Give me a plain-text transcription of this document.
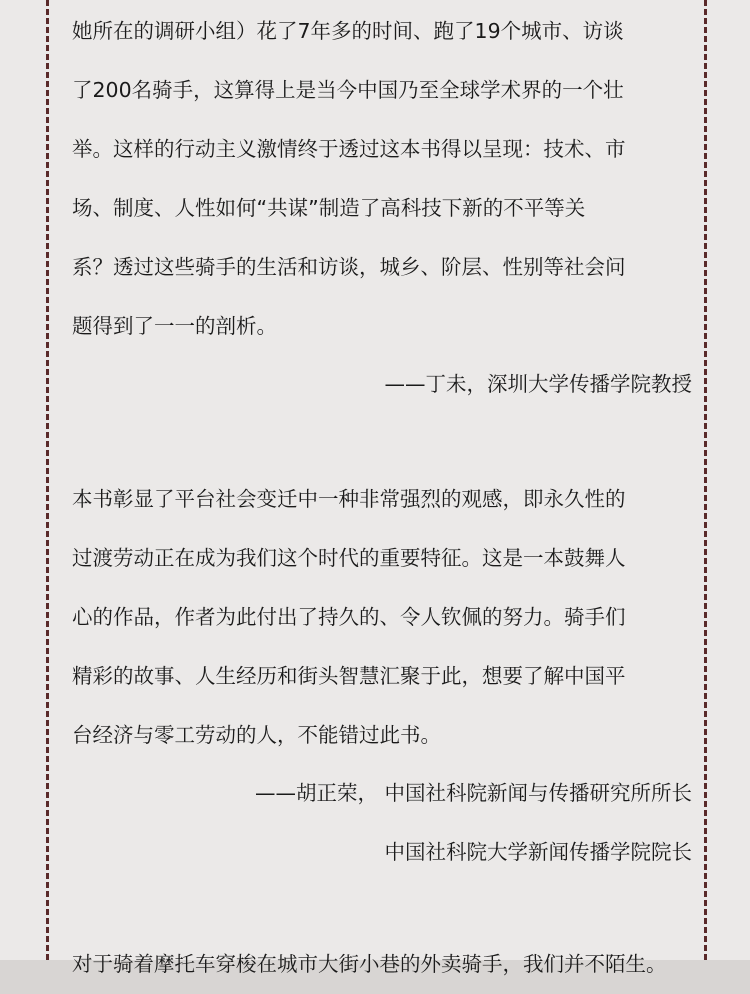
她所在的调研小组）花了7年多的时间、跑了19个城市、访谈
了200名骑手，这算得上是当今中国乃至全球学术界的一个壮
举。这样的行动主义激情终于透过这本书得以呈现：技术、市
场、制度、人性如何“共谋”制造了高科技下新的不平等关
系？透过这些骑手的生活和访谈，城乡、阶层、性别等社会问
题得到了一一的剖析。

——丁未，深圳大学传播学院教授

本书彰显了平台社会变迁中一种非常强烈的观感，即永久性的
过渡劳动正在成为我们这个时代的重要特征。这是一本鼓舞人
心的作品，作者为此付出了持久的、令人钦佩的努力。骑手们
精彩的故事、人生经历和街头智慧汇聚于此，想要了解中国平
台经济与零工劳动的人，不能错过此书。

——胡正荣， 中国社科院新闻与传播研究所所长

中国社科院大学新闻传播学院院长

对于骑着摩托车穿梭在城市大街小巷的外卖骑手，我们并不陌生。
